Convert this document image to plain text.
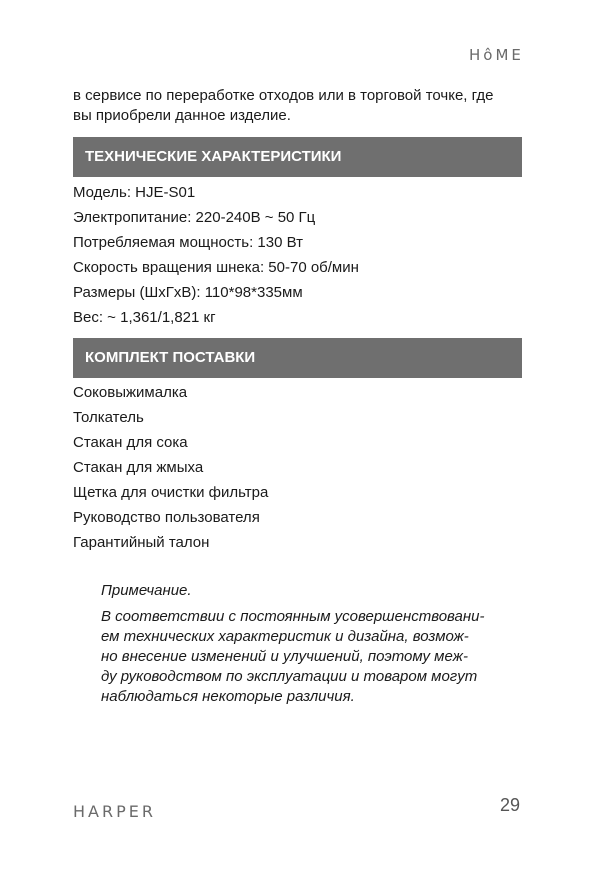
HôME
в сервисе по переработке отходов или в торговой точке, где
вы приобрели данное изделие.
ТЕХНИЧЕСКИЕ ХАРАКТЕРИСТИКИ
Модель: HJE-S01
Электропитание: 220-240В ~ 50 Гц
Потребляемая мощность: 130 Вт
Скорость вращения шнека: 50-70 об/мин
Размеры (ШхГхВ): 110*98*335мм
Вес: ~ 1,361/1,821 кг
КОМПЛЕКТ ПОСТАВКИ
Соковыжималка
Толкатель
Стакан для сока
Стакан для жмыха
Щетка для очистки фильтра
Руководство пользователя
Гарантийный талон
Примечание.
В соответствии с постоянным усовершенствовани-
ем технических характеристик и дизайна, возмож-
но внесение изменений и улучшений, поэтому меж-
ду руководством по эксплуатации и товаром могут
наблюдаться некоторые различия.
HARPER	29
